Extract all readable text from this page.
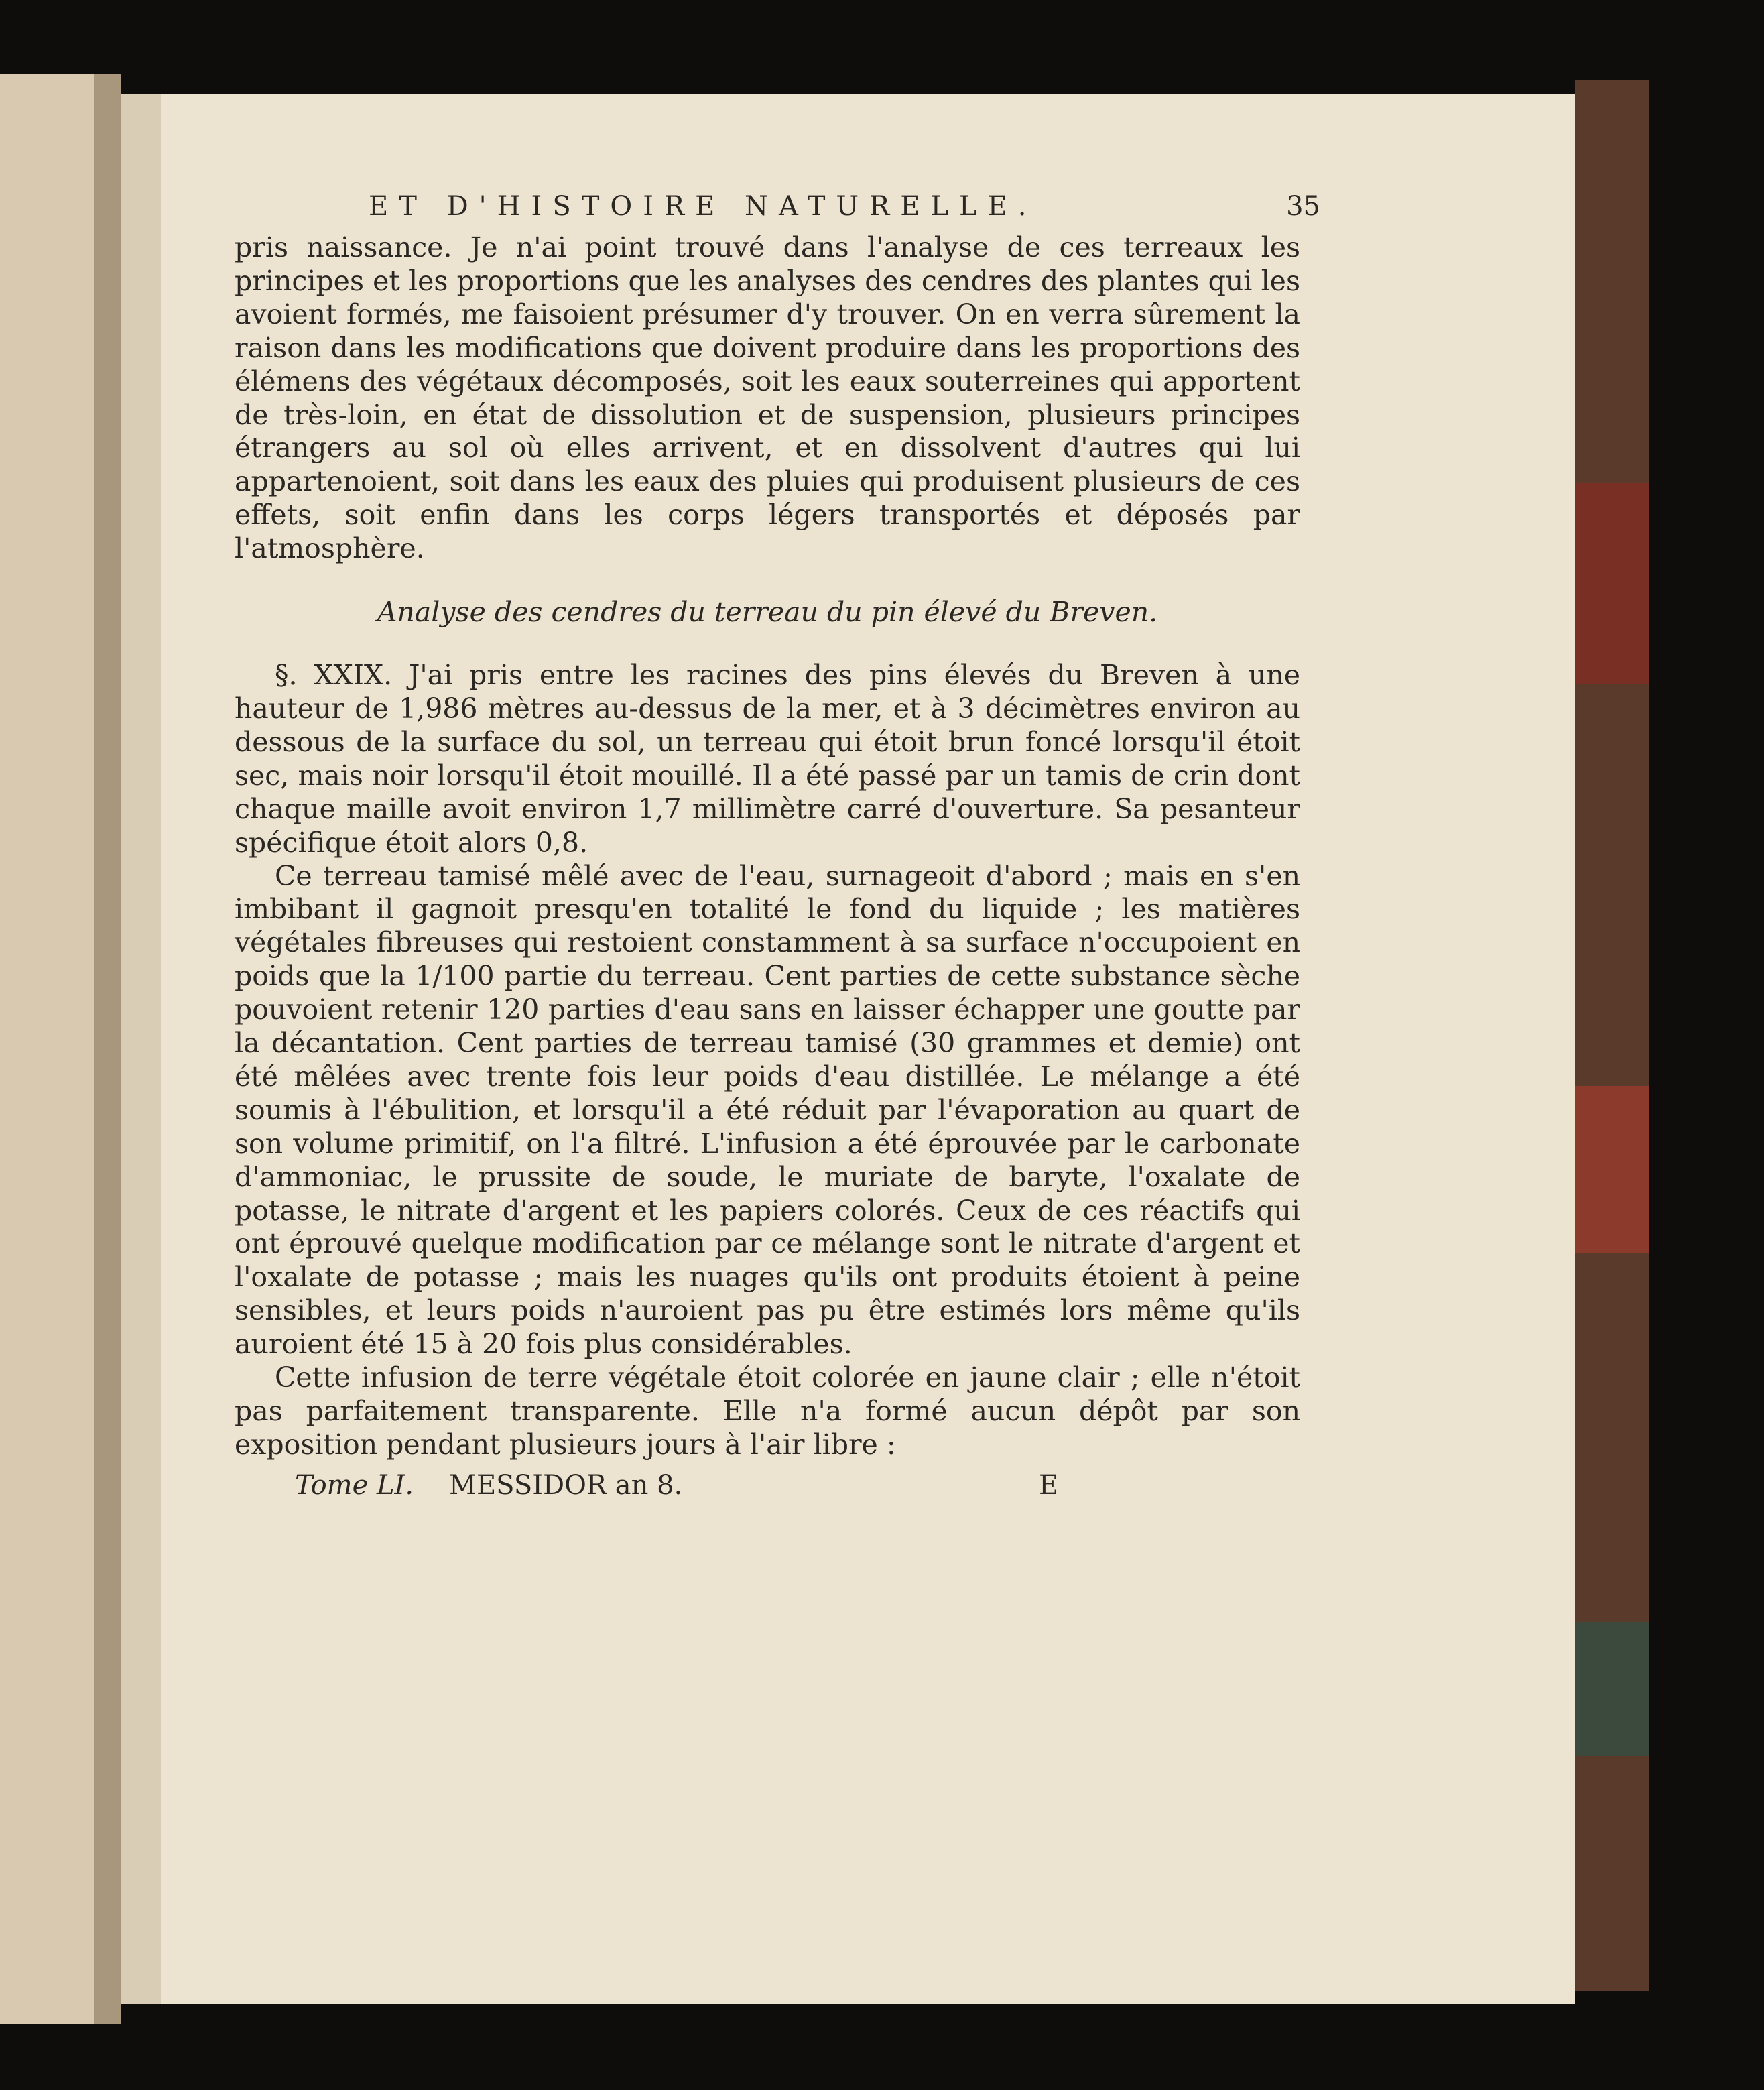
ET D'HISTOIRE NATURELLE.	35

pris naissance. Je n'ai point trouvé dans l'analyse de ces terreaux les principes et les proportions que les analyses des cendres des plantes qui les avoient formés, me faisoient présumer d'y trouver. On en verra sûrement la raison dans les modifications que doivent produire dans les proportions des élémens des végétaux décomposés, soit les eaux souterreines qui apportent de très-loin, en état de dissolution et de suspension, plusieurs principes étrangers au sol où elles arrivent, et en dissolvent d'autres qui lui appartenoient, soit dans les eaux des pluies qui produisent plusieurs de ces effets, soit enfin dans les corps légers transportés et déposés par l'atmosphère.

Analyse des cendres du terreau du pin élevé du Breven.

§. XXIX. J'ai pris entre les racines des pins élevés du Breven à une hauteur de 1,986 mètres au-dessus de la mer, et à 3 décimètres environ au dessous de la surface du sol, un terreau qui étoit brun foncé lorsqu'il étoit sec, mais noir lorsqu'il étoit mouillé. Il a été passé par un tamis de crin dont chaque maille avoit environ 1,7 millimètre carré d'ouverture. Sa pesanteur spécifique étoit alors 0,8.

Ce terreau tamisé mêlé avec de l'eau, surnageoit d'abord ; mais en s'en imbibant il gagnoit presqu'en totalité le fond du liquide ; les matières végétales fibreuses qui restoient constamment à sa surface n'occupoient en poids que la 1/100 partie du terreau. Cent parties de cette substance sèche pouvoient retenir 120 parties d'eau sans en laisser échapper une goutte par la décantation. Cent parties de terreau tamisé (30 grammes et demie) ont été mêlées avec trente fois leur poids d'eau distillée. Le mélange a été soumis à l'ébulition, et lorsqu'il a été réduit par l'évaporation au quart de son volume primitif, on l'a filtré. L'infusion a été éprouvée par le carbonate d'ammoniac, le prussite de soude, le muriate de baryte, l'oxalate de potasse, le nitrate d'argent et les papiers colorés. Ceux de ces réactifs qui ont éprouvé quelque modification par ce mélange sont le nitrate d'argent et l'oxalate de potasse ; mais les nuages qu'ils ont produits étoient à peine sensibles, et leurs poids n'auroient pas pu être estimés lors même qu'ils auroient été 15 à 20 fois plus considérables.

Cette infusion de terre végétale étoit colorée en jaune clair ; elle n'étoit pas parfaitement transparente. Elle n'a formé aucun dépôt par son exposition pendant plusieurs jours à l'air libre :

Tome LI. MESSIDOR an 8.	E
